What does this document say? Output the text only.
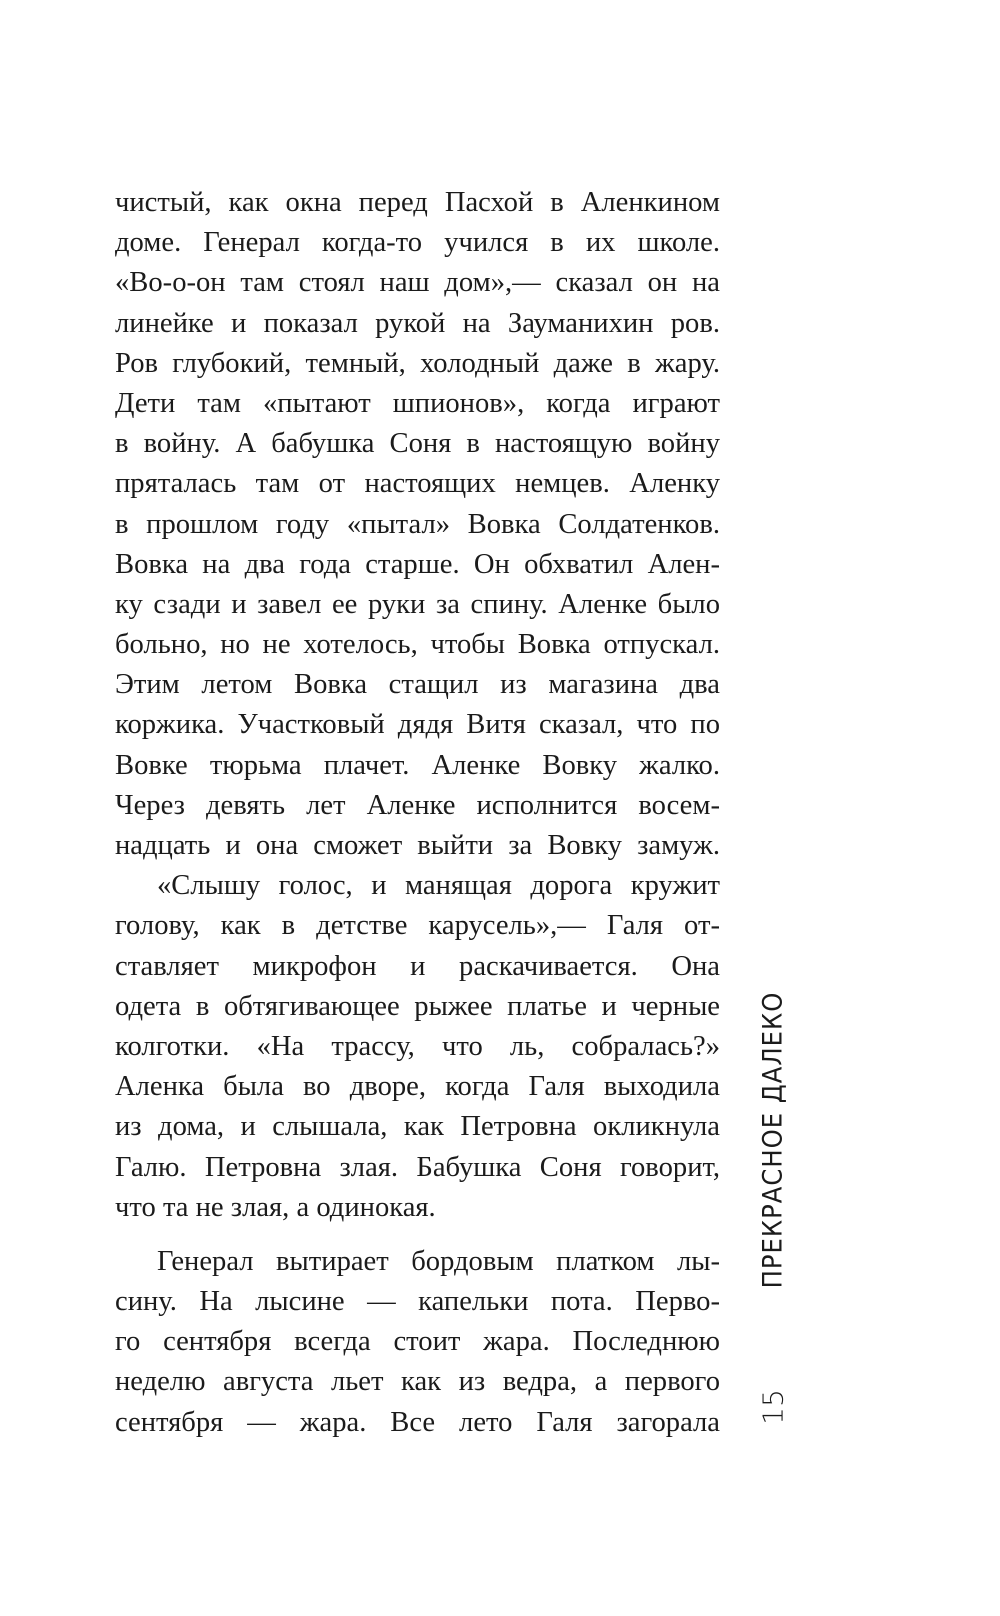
чистый, как окна перед Пасхой в Аленкином
доме. Генерал когда-то учился в их школе.
«Во-о-он там стоял наш дом»,— сказал он на
линейке и показал рукой на Зауманихин ров.
Ров глубокий, темный, холодный даже в жару.
Дети там «пытают шпионов», когда играют
в войну. А бабушка Соня в настоящую войну
пряталась там от настоящих немцев. Аленку
в прошлом году «пытал» Вовка Солдатенков.
Вовка на два года старше. Он обхватил Ален-
ку сзади и завел ее руки за спину. Аленке было
больно, но не хотелось, чтобы Вовка отпускал.
Этим летом Вовка стащил из магазина два
коржика. Участковый дядя Витя сказал, что по
Вовке тюрьма плачет. Аленке Вовку жалко.
Через девять лет Аленке исполнится восем-
надцать и она сможет выйти за Вовку замуж.
«Слышу голос, и манящая дорога кружит
голову, как в детстве карусель»,— Галя от-
ставляет микрофон и раскачивается. Она
одета в обтягивающее рыжее платье и черные
колготки. «На трассу, что ль, собралась?»
Аленка была во дворе, когда Галя выходила
из дома, и слышала, как Петровна окликнула
Галю. Петровна злая. Бабушка Соня говорит,
что та не злая, а одинокая.
Генерал вытирает бордовым платком лы-
сину. На лысине — капельки пота. Перво-
го сентября всегда стоит жара. Последнюю
неделю августа льет как из ведра, а первого
сентября — жара. Все лето Галя загорала
ПРЕКРАСНОЕ ДАЛЕКО
15
